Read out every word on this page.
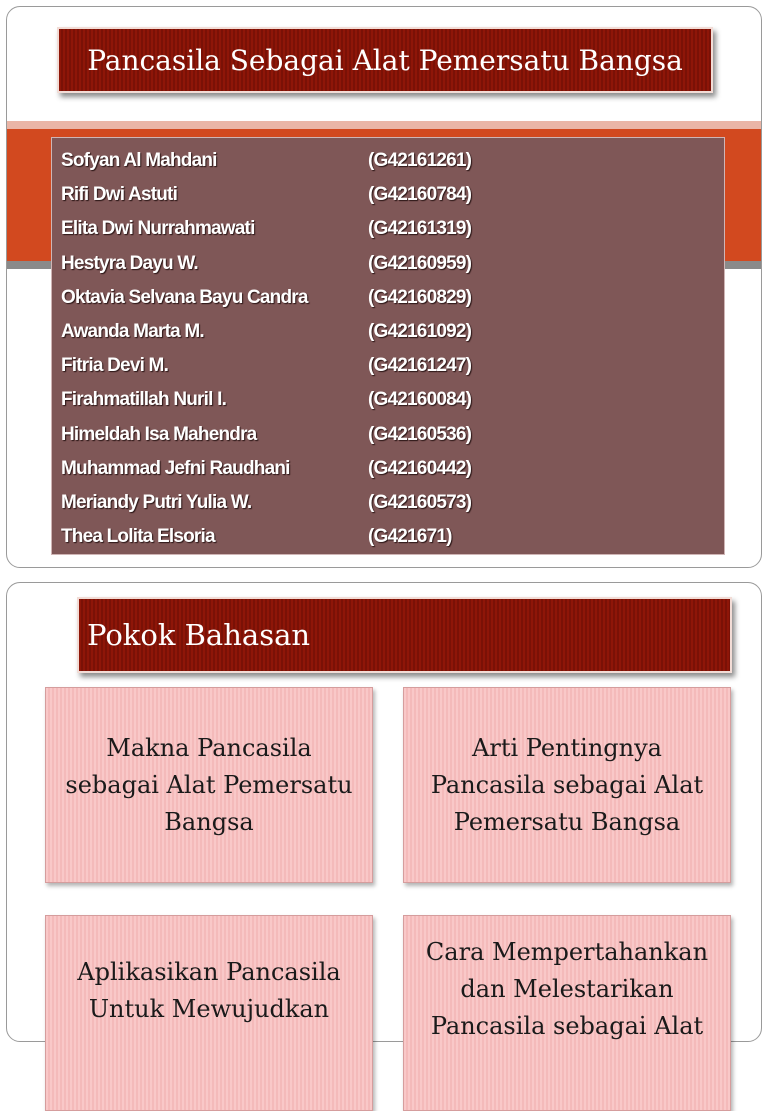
Pancasila Sebagai Alat Pemersatu Bangsa
Sofyan Al Mahdani	(G42161261)
Rifi Dwi Astuti	(G42160784)
Elita Dwi Nurrahmawati	(G42161319)
Hestyra Dayu W.	(G42160959)
Oktavia Selvana Bayu Candra	(G42160829)
Awanda Marta M.	(G42161092)
Fitria Devi M.	(G42161247)
Firahmatillah Nuril I.	(G42160084)
Himeldah Isa Mahendra	(G42160536)
Muhammad Jefni Raudhani	(G42160442)
Meriandy Putri Yulia W.	(G42160573)
Thea Lolita Elsoria	(G421671)
Pokok Bahasan
Makna Pancasila
sebagai Alat Pemersatu
Bangsa
Arti Pentingnya
Pancasila sebagai Alat
Pemersatu Bangsa
Aplikasikan Pancasila
Untuk Mewujudkan
Cara Mempertahankan
dan Melestarikan
Pancasila sebagai Alat
